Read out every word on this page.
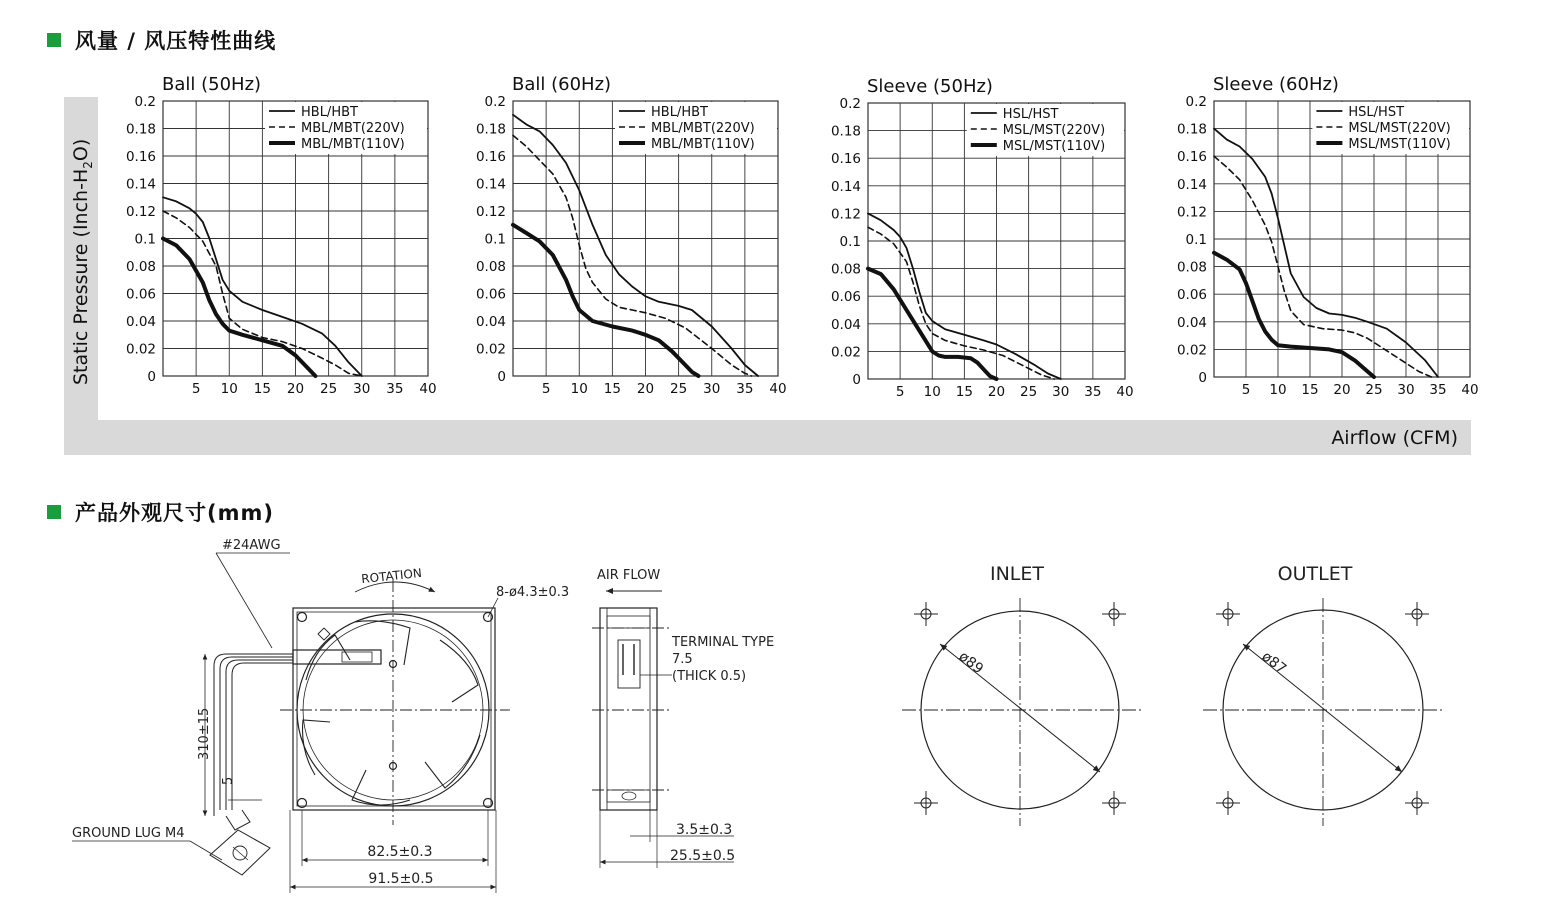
风量 / 风压特性曲线
Static Pressure $(Inch-H_2O)$
Airflow (CFM)
Ball (50Hz)
0
0.02
0.04
0.06
0.08
0.1
0.12
0.14
0.16
0.18
0.2
5 10 15 20 25 30 35 40
HBL/HBT
MBL/MBT(220V)
MBL/MBT(110V)
Ball (60Hz)
0
0.02
0.04
0.06
0.08
0.1
0.12
0.14
0.16
0.18
0.2
5 10 15 20 25 30 35 40
HBL/HBT
MBL/MBT(220V)
MBL/MBT(110V)
Sleeve (50Hz)
0
0.02
0.04
0.06
0.08
0.1
0.12
0.14
0.16
0.18
0.2
5 10 15 20 25 30 35 40
HSL/HST
MSL/MST(220V)
MSL/MST(110V)
Sleeve (60Hz)
0
0.02
0.04
0.06
0.08
0.1
0.12
0.14
0.16
0.18
0.2
5 10 15 20 25 30 35 40
HSL/HST
MSL/MST(220V)
MSL/MST(110V)
产品外观尺寸(mm)
ROTATION
8-ø4.3±0.3
#24AWG
310±15
5
GROUND LUG M4
82.5±0.3
91.5±0.5
AIR FLOW
TERMINAL TYPE
7.5
(THICK 0.5)
3.5±0.3
25.5±0.5
INLET
ø89
OUTLET
ø87
